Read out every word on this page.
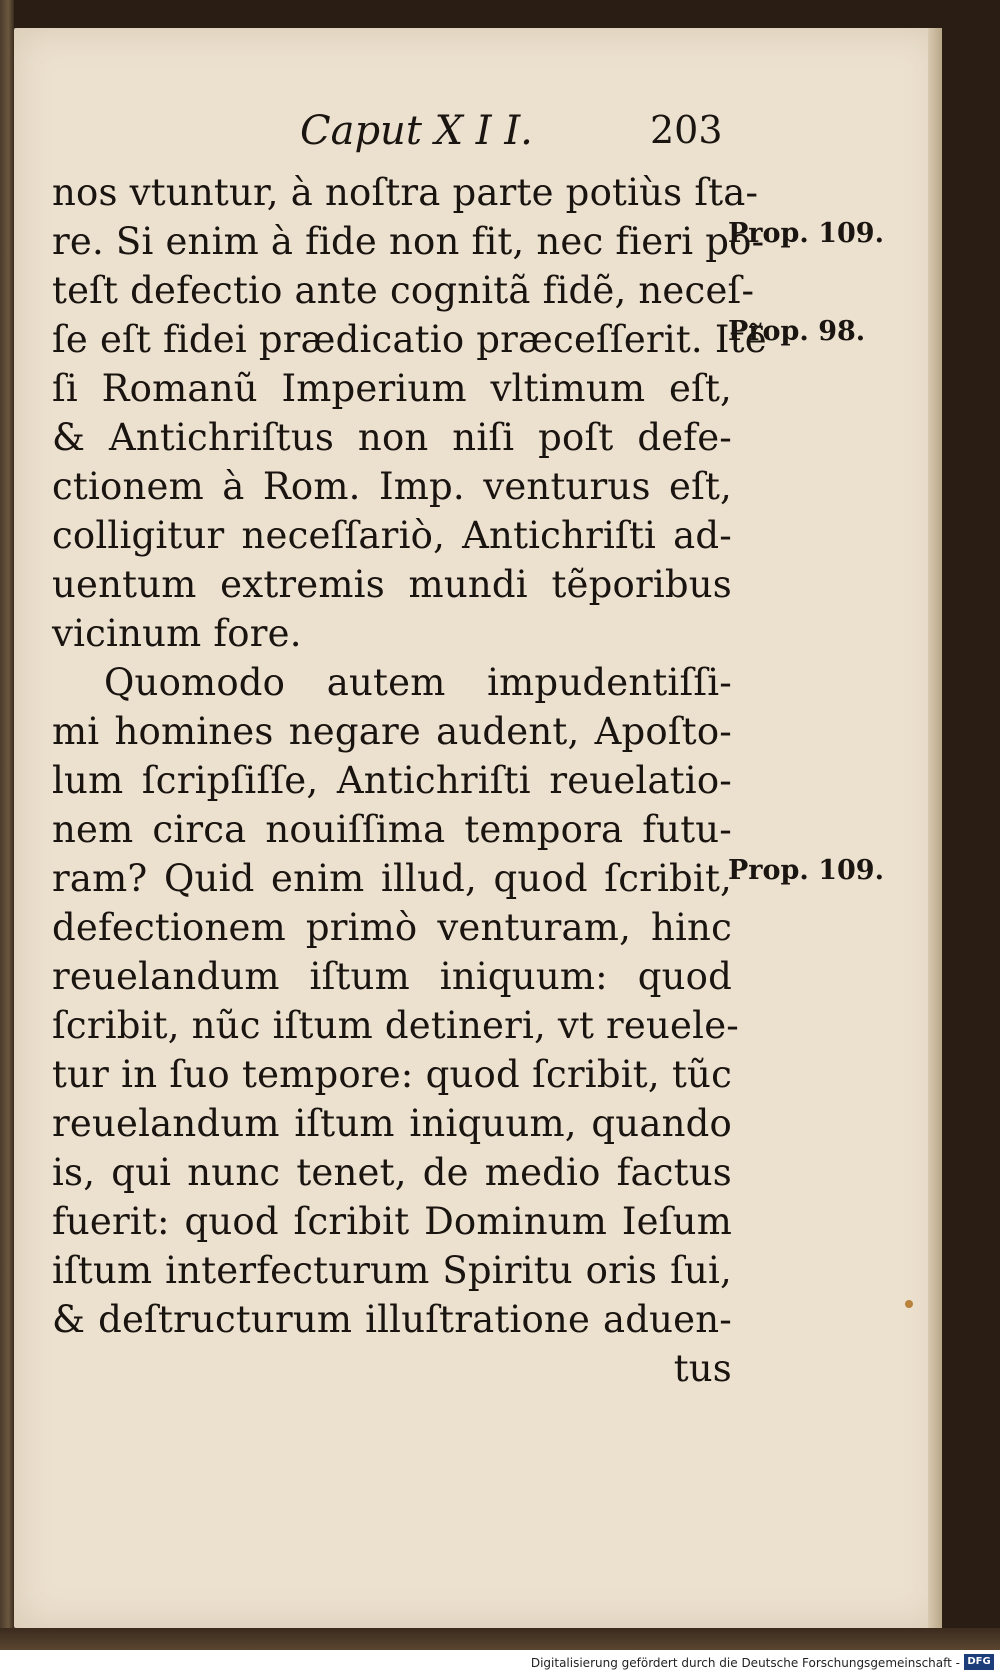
Caput X I I.	203
nos vtuntur, à noſtra parte potiùs ſta-
re. Si enim à fide non fit, nec fieri po-
teſt defectio ante cognitã fidẽ, neceſ-
ſe eſt fidei prædicatio præceſſerit. Itẽ
ſi Romanũ Imperium vltimum eſt,
& Antichriſtus non niſi poſt defe-
ctionem à Rom. Imp. venturus eſt,
colligitur neceſſariò, Antichriſti ad-
uentum extremis mundi tẽporibus
vicinum fore.
Quomodo autem impudentiſſi-
mi homines negare audent, Apoſto-
lum ſcripſiſſe, Antichriſti reuelatio-
nem circa nouiſſima tempora futu-
ram? Quid enim illud, quod ſcribit,
defectionem primò venturam, hinc
reuelandum iſtum iniquum: quod
ſcribit, nũc iſtum detineri, vt reuele-
tur in ſuo tempore: quod ſcribit, tũc
reuelandum iſtum iniquum, quando
is, qui nunc tenet, de medio factus
fuerit: quod ſcribit Dominum Ieſum
iſtum interfecturum Spiritu oris ſui,
& deſtructurum illuſtratione aduen-
tus
Prop. 109.
Prop. 98.
Prop. 109.
Digitalisierung gefördert durch die Deutsche Forschungsgemeinschaft - DFG
